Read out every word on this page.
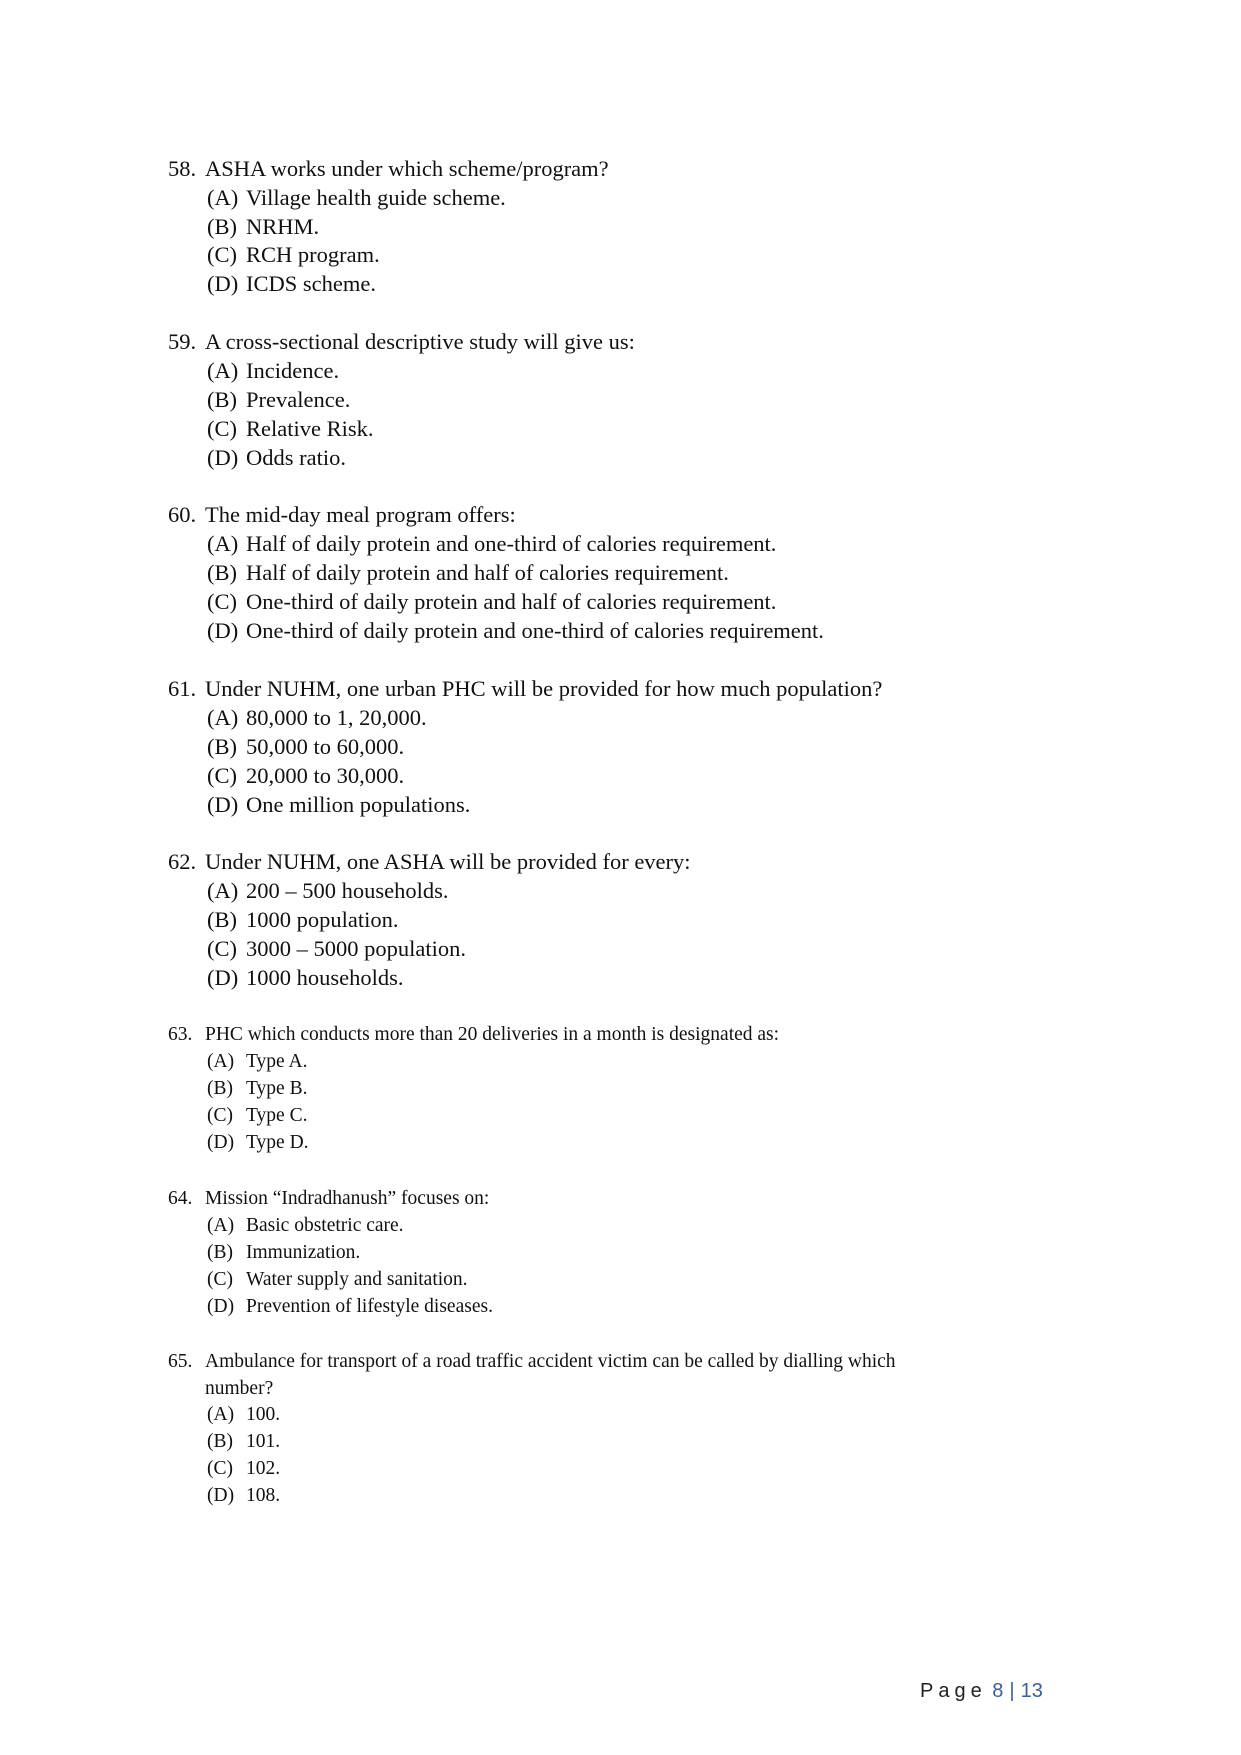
58. ASHA works under which scheme/program?
(A) Village health guide scheme.
(B) NRHM.
(C) RCH program.
(D) ICDS scheme.
59. A cross-sectional descriptive study will give us:
(A) Incidence.
(B) Prevalence.
(C) Relative Risk.
(D) Odds ratio.
60. The mid-day meal program offers:
(A) Half of daily protein and one-third of calories requirement.
(B) Half of daily protein and half of calories requirement.
(C) One-third of daily protein and half of calories requirement.
(D) One-third of daily protein and one-third of calories requirement.
61. Under NUHM, one urban PHC will be provided for how much population?
(A) 80,000 to 1, 20,000.
(B) 50,000 to 60,000.
(C) 20,000 to 30,000.
(D) One million populations.
62. Under NUHM, one ASHA will be provided for every:
(A) 200 – 500 households.
(B) 1000 population.
(C) 3000 – 5000 population.
(D) 1000 households.
63. PHC which conducts more than 20 deliveries in a month is designated as:
(A) Type A.
(B) Type B.
(C) Type C.
(D) Type D.
64. Mission “Indradhanush” focuses on:
(A) Basic obstetric care.
(B) Immunization.
(C) Water supply and sanitation.
(D) Prevention of lifestyle diseases.
65. Ambulance for transport of a road traffic accident victim can be called by dialling which
number?
(A) 100.
(B) 101.
(C) 102.
(D) 108.
Page 8 | 13
